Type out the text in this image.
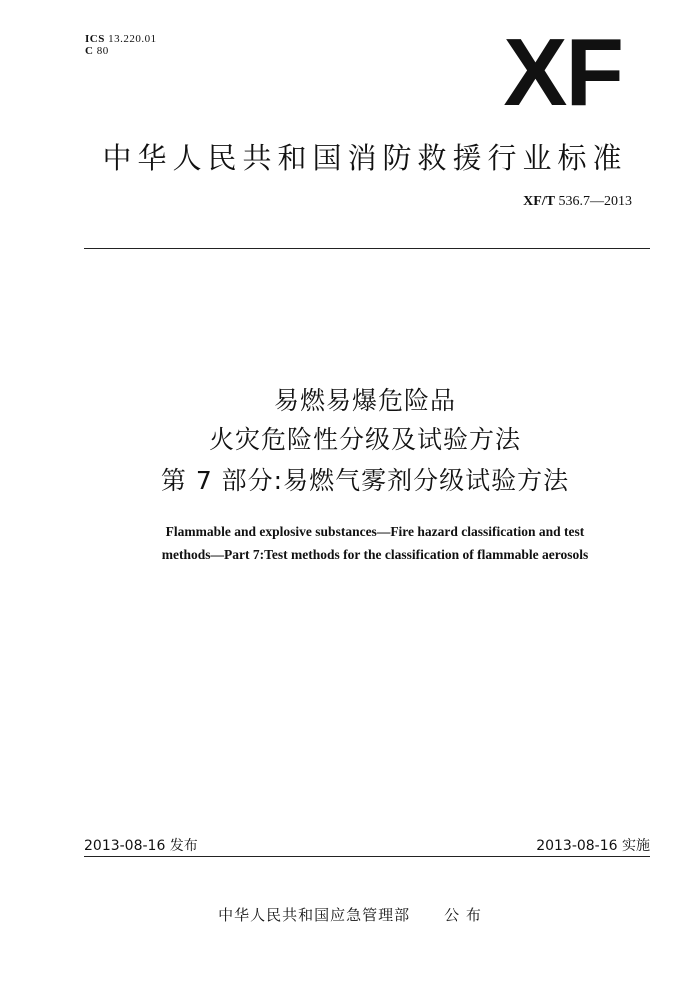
ICS 13.220.01
C 80	XF
中华人民共和国消防救援行业标准
XF/T 536.7—2013
易燃易爆危险品
火灾危险性分级及试验方法
第 7 部分:易燃气雾剂分级试验方法
Flammable and explosive substances—Fire hazard classification and test
methods—Part 7:Test methods for the classification of flammable aerosols
2013-08-16 发布	2013-08-16 实施
中华人民共和国应急管理部 公 布
